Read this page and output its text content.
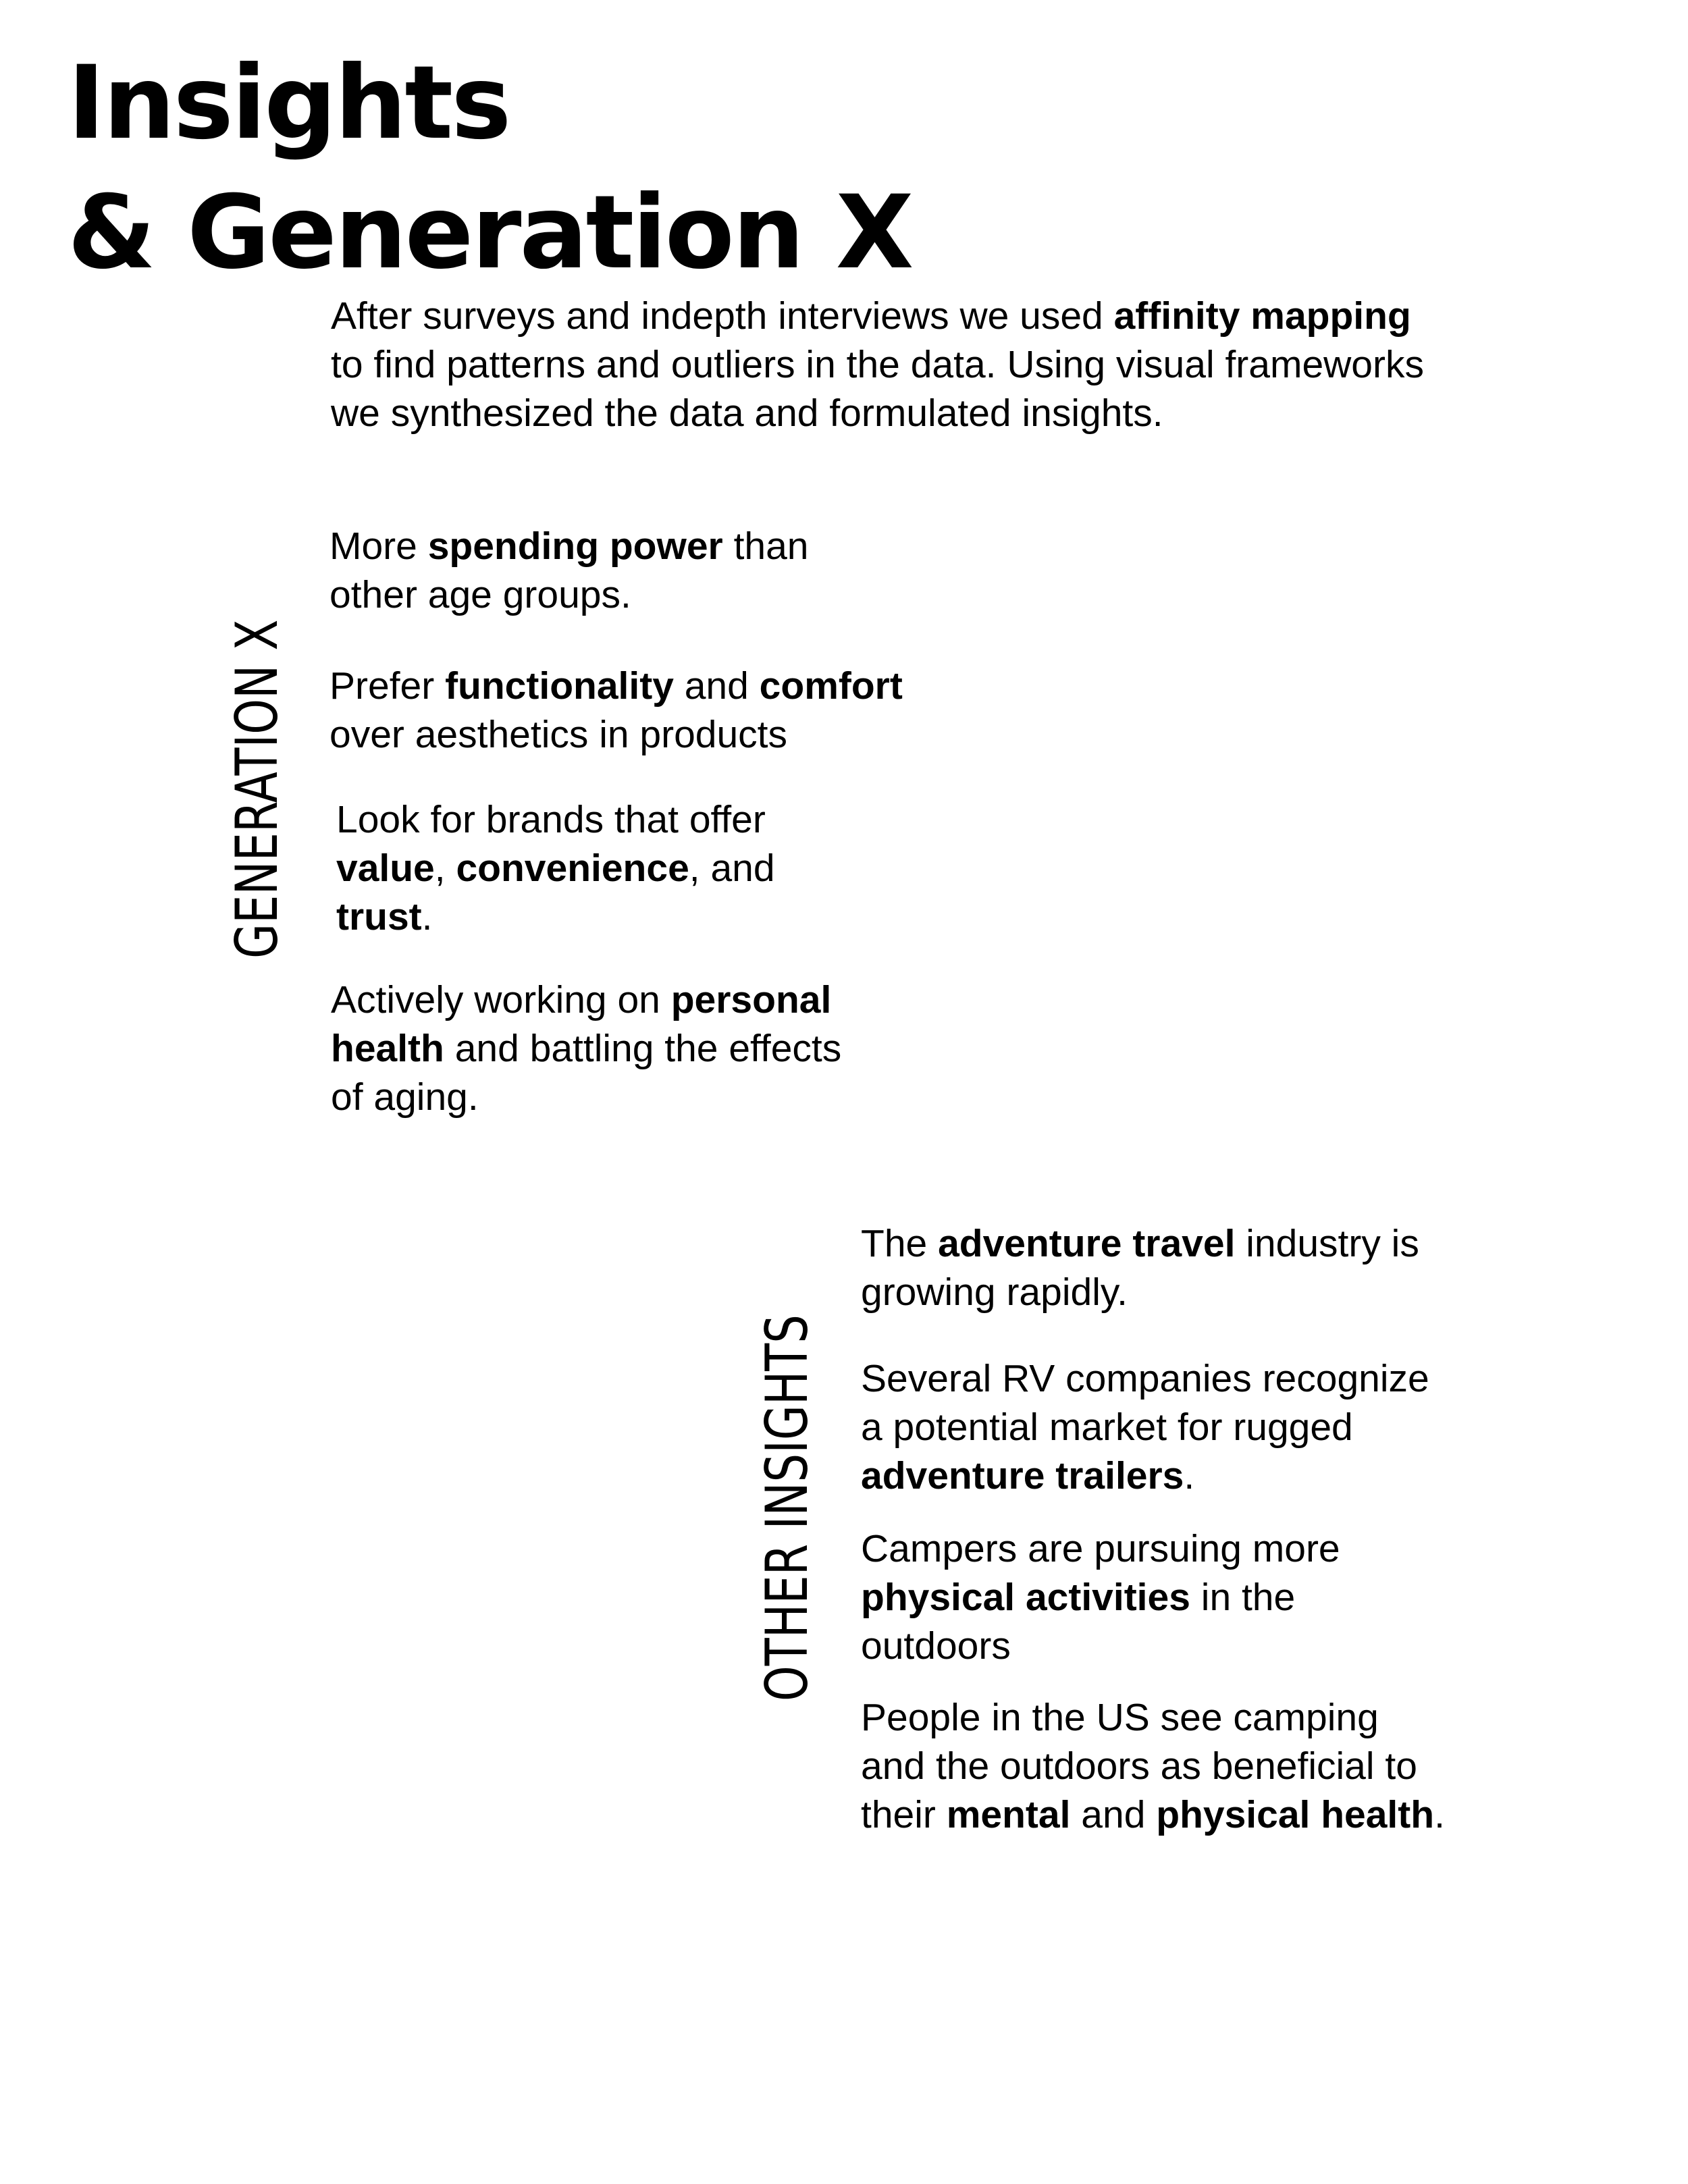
Insights
& Generation X

After surveys and indepth interviews we used affinity mapping
to find patterns and outliers in the data. Using visual frameworks
we synthesized the data and formulated insights.

GENERATION X

More spending power than
other age groups.

Prefer functionality and comfort
over aesthetics in products

Look for brands that offer
value, convenience, and
trust.

Actively working on personal
health and battling the effects
of aging.

OTHER INSIGHTS

The adventure travel industry is
growing rapidly.

Several RV companies recognize
a potential market for rugged
adventure trailers.

Campers are pursuing more
physical activities in the
outdoors

People in the US see camping
and the outdoors as beneficial to
their mental and physical health.
